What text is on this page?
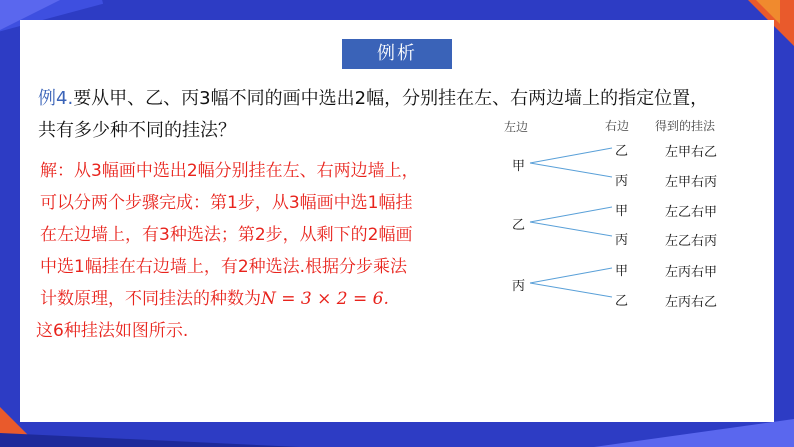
例析
例4.要从甲、乙、丙3幅不同的画中选出2幅，分别挂在左、右两边墙上的指定位置，
共有多少种不同的挂法？
解：从3幅画中选出2幅分别挂在左、右两边墙上，
可以分两个步骤完成：第1步，从3幅画中选1幅挂
在左边墙上，有3种选法；第2步，从剩下的2幅画
中选1幅挂在右边墙上，有2种选法.根据分步乘法
计数原理，不同挂法的种数为N = 3 × 2 = 6.
这6种挂法如图所示.
左边	右边 得到的挂法
甲
乙
丙
乙
丙
甲
丙
甲
乙
左甲右乙
左甲右丙
左乙右甲
左乙右丙
左丙右甲
左丙右乙
